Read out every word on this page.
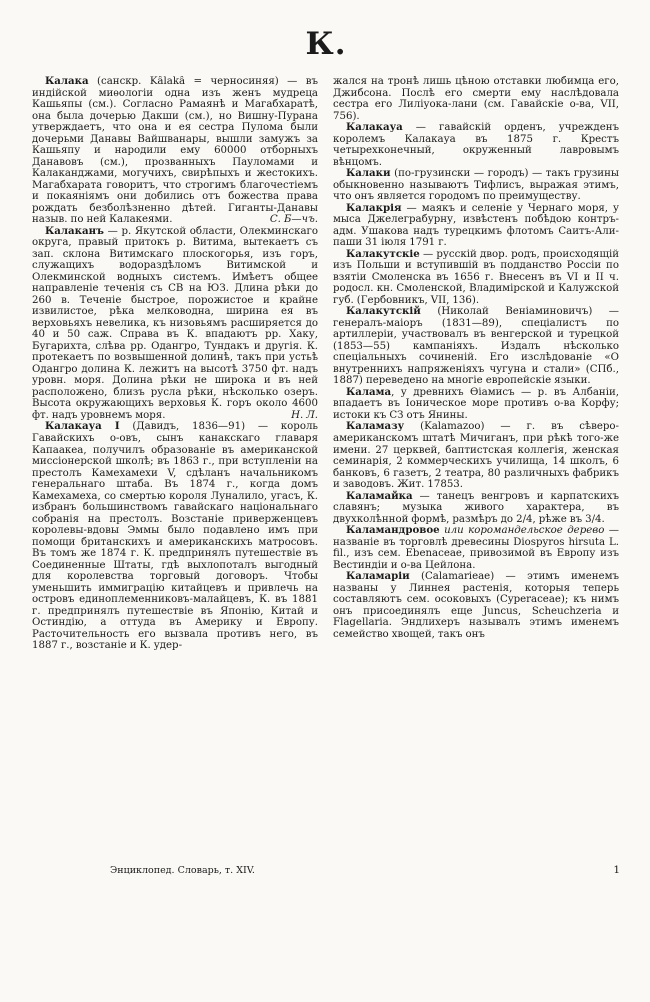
К.

Калака (санскр. Kâlakâ = черносиняя) — въ индійской миѳологіи одна изъ женъ мудреца Кашьяпы (см.). Согласно Рамаянѣ и Магабхаратѣ, она была дочерью Дакши (см.), но Вишну-Пурана утверждаетъ, что она и ея сестра Пулома были дочерьми Данавы Вайшванары, вышли замужъ за Кашьяпу и народили ему 60000 отборныхъ Данавовъ (см.), прозванныхъ Пауломами и Калаканджами, могучихъ, свирѣпыхъ и жестокихъ. Магабхарата говоритъ, что строгимъ благочестіемъ и покаяніямъ они добились отъ божества права рождать безболѣзненно дѣтей. Гиганты-Данавы назыв. по ней Калакеями.	С. Б—чъ.

Калаканъ — р. Якутской области, Олекминскаго округа, правый притокъ р. Витима, вытекаетъ съ зап. склона Витимскаго плоскогорья, изъ горъ, служащихъ водораздѣломъ Витимской и Олекминской водныхъ системъ. Имѣетъ общее направленіе теченія съ СВ на ЮЗ. Длина рѣки до 260 в. Теченіе быстрое, порожистое и крайне извилистое, рѣка мелководна, ширина ея въ верховьяхъ невелика, къ низовьямъ расширяется до 40 и 50 саж. Справа въ К. впадаютъ рр. Хаку, Бугарихта, слѣва рр. Одангро, Тундакъ и другія. К. протекаетъ по возвышенной долинѣ, такъ при устьѣ Одангро долина К. лежитъ на высотѣ 3750 фт. надъ уровн. моря. Долина рѣки не широка и въ ней расположено, близъ русла рѣки, нѣсколько озеръ. Высота окружающихъ верховья К. горъ около 4600 фт. надъ уровнемъ моря.	Н. Л.

Калакауа I (Давидъ, 1836—91) — король Гавайскихъ о-овъ, сынъ канакскаго главаря Капаакеа, получилъ образованіе въ американской миссіонерской школѣ; въ 1863 г., при вступленіи на престолъ Камехамехи V, сдѣланъ начальникомъ генеральнаго штаба. Въ 1874 г., когда домъ Камехамеха, со смертью короля Луналило, угасъ, К. избранъ большинствомъ гавайскаго національнаго собранія на престолъ. Возстаніе приверженцевъ королевы-вдовы Эммы было подавлено имъ при помощи британскихъ и американскихъ матросовъ. Въ томъ же 1874 г. К. предпринялъ путешествіе въ Соединенные Штаты, гдѣ выхлопоталъ выгодный для королевства торговый договоръ. Чтобы уменьшить иммиграцію китайцевъ и привлечь на островъ единоплеменниковъ-малайцевъ, К. въ 1881 г. предпринялъ путешествіе въ Японію, Китай и Остиндію, а оттуда въ Америку и Европу. Расточительность его вызвала противъ него, въ 1887 г., возстаніе и К. удер-

жался на тронѣ лишь цѣною отставки любимца его, Джибсона. Послѣ его смерти ему наслѣдовала сестра его Лиліуока-лани (см. Гавайскіе о-ва, VII, 756).

Калакауа — гавайскій орденъ, учрежденъ королемъ Калакауа въ 1875 г. Крестъ четырехконечный, окруженный лавровымъ вѣнцомъ.

Калаки (по-грузински — городъ) — такъ грузины обыкновенно называютъ Тифлисъ, выражая этимъ, что онъ является городомъ по преимуществу.

Калакрія — маякъ и селеніе у Чернаго моря, у мыса Джелеграбурну, извѣстенъ побѣдою контръ-адм. Ушакова надъ турецкимъ флотомъ Саитъ-Али-паши 31 іюля 1791 г.

Калакутскіе — русскій двор. родъ, происходящій изъ Польши и вступившій въ подданство Россіи по взятіи Смоленска въ 1656 г. Внесенъ въ VI и II ч. родосл. кн. Смоленской, Владимірской и Калужской губ. (Гербовникъ, VII, 136).

Калакутскій (Николай Веніаминовичъ) — генералъ-маіоръ (1831—89), спеціалистъ по артиллеріи, участвовалъ въ венгерской и турецкой (1853—55) кампаніяхъ. Издалъ нѣсколько спеціальныхъ сочиненій. Его изслѣдованіе «О внутреннихъ напряженіяхъ чугуна и стали» (СПб., 1887) переведено на многіе европейскіе языки.

Калама, у древнихъ Ѳіамисъ — р. въ Албаніи, впадаетъ въ Іоническое море противъ о-ва Корфу; истоки къ СЗ отъ Янины.

Каламазу (Kalamazoo) — г. въ сѣверо-американскомъ штатѣ Мичиганъ, при рѣкѣ того-же имени. 27 церквей, баптистская коллегія, женская семинарія, 2 коммерческихъ училища, 14 школъ, 6 банковъ, 6 газетъ, 2 театра, 80 различныхъ фабрикъ и заводовъ. Жит. 17853.

Каламайка — танецъ венгровъ и карпатскихъ славянъ; музыка живого характера, въ двухколѣнной формѣ, размѣръ до 2/4, рѣже въ 3/4.

Каламандровое или коромандельское дерево — названіе въ торговлѣ древесины Diospyros hirsuta L. fil., изъ сем. Ebenaceae, привозимой въ Европу изъ Вестиндіи и о-ва Цейлона.

Каламаріи (Calamarieae) — этимъ именемъ названы у Линнея растенія, которыя теперь составляютъ сем. осоковыхъ (Cyperaceae); къ нимъ онъ присоединялъ еще Juncus, Scheuchzeria и Flagellaria. Эндлихеръ называлъ этимъ именемъ семейство хвощей, такъ онъ

Энциклопед. Словарь, т. XIV.	1
